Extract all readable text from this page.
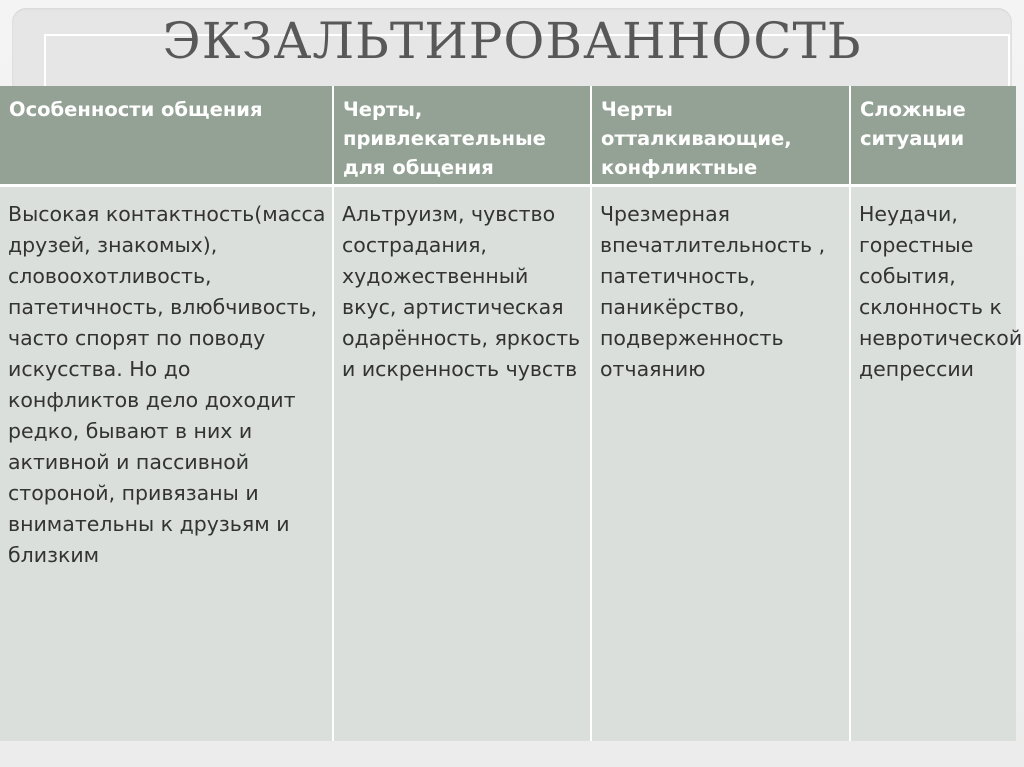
ЭКЗАЛЬТИРОВАННОСТЬ
Особенности общения	Черты, привлекательные для общения	Черты отталкивающие, конфликтные	Сложные ситуации
Высокая контактность(масса друзей, знакомых), словоохотливость, патетичность, влюбчивость, часто спорят по поводу искусства. Но до конфликтов дело доходит редко, бывают в них и активной и пассивной стороной, привязаны и внимательны к друзьям и близким	Альтруизм, чувство сострадания, художественный вкус, артистическая одарённость, яркость и искренность чувств	Чрезмерная впечатлительность , патетичность, паникёрство, подверженность отчаянию	Неудачи, горестные события, склонность к невротической депрессии
